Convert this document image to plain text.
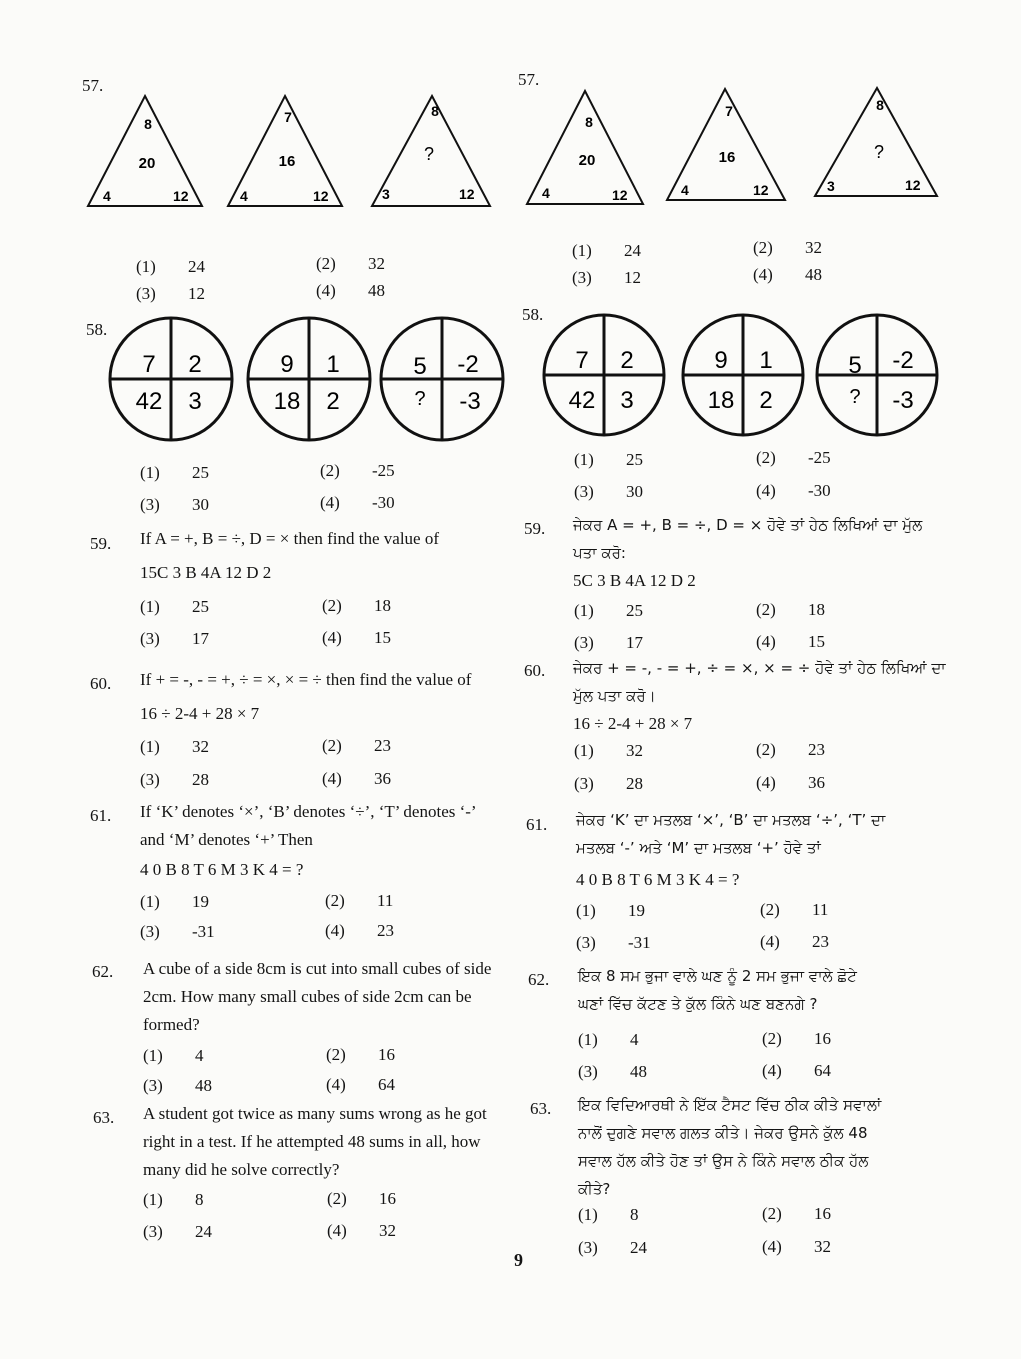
57.
8
20
4	12
7
16
4	12
8
?
3	12
(1) 24	(2) 32
(3) 12	(4) 48
58.
7 2
42 3
9 1
18 2
5 -2
? -3
(1) 25	(2) -25
(3) 30	(4) -30
59. If A = +, B = ÷, D = × then find the value of
15C 3 B 4A 12 D 2
(1) 25	(2) 18
(3) 17	(4) 15
60. If + = -, - = +, ÷ = ×, × = ÷ then find the value of
16 ÷ 2-4 + 28 × 7
(1) 32	(2) 23
(3) 28	(4) 36
61. If ‘K’ denotes ‘×’, ‘B’ denotes ‘÷’, ‘T’ denotes ‘-’
and ‘M’ denotes ‘+’ Then
4 0 B 8 T 6 M 3 K 4 = ?
(1) 19	(2) 11
(3) -31	(4) 23
62. A cube of a side 8cm is cut into small cubes of side
2cm. How many small cubes of side 2cm can be
formed?
(1) 4	(2) 16
(3) 48	(4) 64
63. A student got twice as many sums wrong as he got
right in a test. If he attempted 48 sums in all, how
many did he solve correctly?
(1) 8	(2) 16
(3) 24	(4) 32
57.
8
20
4	12
7
16
4	12
8
?
3	12
(1) 24	(2) 32
(3) 12	(4) 48
58.
7 2
42 3
9 1
18 2
5 -2
? -3
(1) 25	(2) -25
(3) 30	(4) -30
59. ਜੇਕਰ A = +, B = ÷, D = × ਹੋਵੇ ਤਾਂ ਹੇਠ ਲਿਖਿਆਂ ਦਾ ਮੁੱਲ
ਪਤਾ ਕਰੋ:
5C 3 B 4A 12 D 2
(1) 25	(2) 18
(3) 17	(4) 15
60. ਜੇਕਰ + = -, - = +, ÷ = ×, × = ÷ ਹੋਵੇ ਤਾਂ ਹੇਠ ਲਿਖਿਆਂ ਦਾ
ਮੁੱਲ ਪਤਾ ਕਰੋ।
16 ÷ 2-4 + 28 × 7
(1) 32	(2) 23
(3) 28	(4) 36
61. ਜੇਕਰ ‘K’ ਦਾ ਮਤਲਬ ‘×’, ‘B’ ਦਾ ਮਤਲਬ ‘÷’, ‘T’ ਦਾ
ਮਤਲਬ ‘-’ ਅਤੇ ‘M’ ਦਾ ਮਤਲਬ ‘+’ ਹੋਵੇ ਤਾਂ
4 0 B 8 T 6 M 3 K 4 = ?
(1) 19	(2) 11
(3) -31	(4) 23
62. ਇਕ 8 ਸਮ ਭੁਜਾ ਵਾਲੇ ਘਣ ਨੂੰ 2 ਸਮ ਭੁਜਾ ਵਾਲੇ ਛੋਟੇ
ਘਣਾਂ ਵਿੱਚ ਕੱਟਣ ਤੇ ਕੁੱਲ ਕਿੰਨੇ ਘਣ ਬਣਨਗੇ ?
(1) 4	(2) 16
(3) 48	(4) 64
63. ਇਕ ਵਿਦਿਆਰਥੀ ਨੇ ਇੱਕ ਟੈਸਟ ਵਿੱਚ ਠੀਕ ਕੀਤੇ ਸਵਾਲਾਂ
ਨਾਲੋਂ ਦੁਗਣੇ ਸਵਾਲ ਗਲਤ ਕੀਤੇ। ਜੇਕਰ ਉਸਨੇ ਕੁੱਲ 48
ਸਵਾਲ ਹੱਲ ਕੀਤੇ ਹੋਣ ਤਾਂ ਉਸ ਨੇ ਕਿੰਨੇ ਸਵਾਲ ਠੀਕ ਹੱਲ
ਕੀਤੇ?
(1) 8	(2) 16
(3) 24	(4) 32
9
